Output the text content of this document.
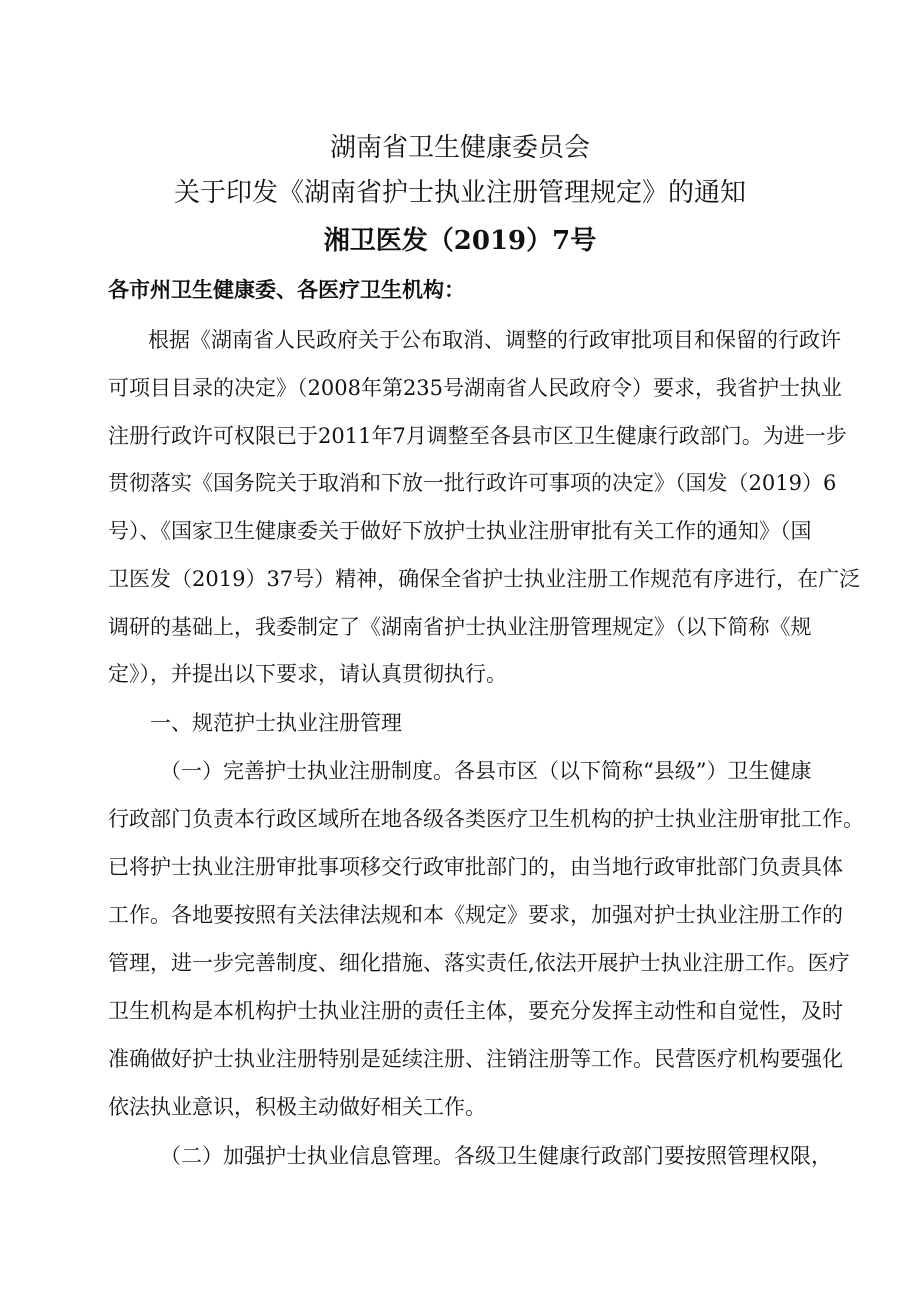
湖南省卫生健康委员会
关于印发《湖南省护士执业注册管理规定》的通知
湘卫医发（2019）7号
各市州卫生健康委、各医疗卫生机构：
根据《湖南省人民政府关于公布取消、调整的行政审批项目和保留的行政许
可项目目录的决定》（2008年第235号湖南省人民政府令）要求，我省护士执业
注册行政许可权限已于2011年7月调整至各县市区卫生健康行政部门。为进一步
贯彻落实《国务院关于取消和下放一批行政许可事项的决定》（国发（2019）6
号）、《国家卫生健康委关于做好下放护士执业注册审批有关工作的通知》（国
卫医发（2019）37号）精神，确保全省护士执业注册工作规范有序进行，在广泛
调研的基础上，我委制定了《湖南省护士执业注册管理规定》（以下简称《规
定》），并提出以下要求，请认真贯彻执行。
一、规范护士执业注册管理
（一）完善护士执业注册制度。各县市区（以下简称“县级”）卫生健康
行政部门负责本行政区域所在地各级各类医疗卫生机构的护士执业注册审批工作。
已将护士执业注册审批事项移交行政审批部门的，由当地行政审批部门负责具体
工作。各地要按照有关法律法规和本《规定》要求，加强对护士执业注册工作的
管理，进一步完善制度、细化措施、落实责任,依法开展护士执业注册工作。医疗
卫生机构是本机构护士执业注册的责任主体，要充分发挥主动性和自觉性，及时
准确做好护士执业注册特别是延续注册、注销注册等工作。民营医疗机构要强化
依法执业意识，积极主动做好相关工作。
（二）加强护士执业信息管理。各级卫生健康行政部门要按照管理权限，
